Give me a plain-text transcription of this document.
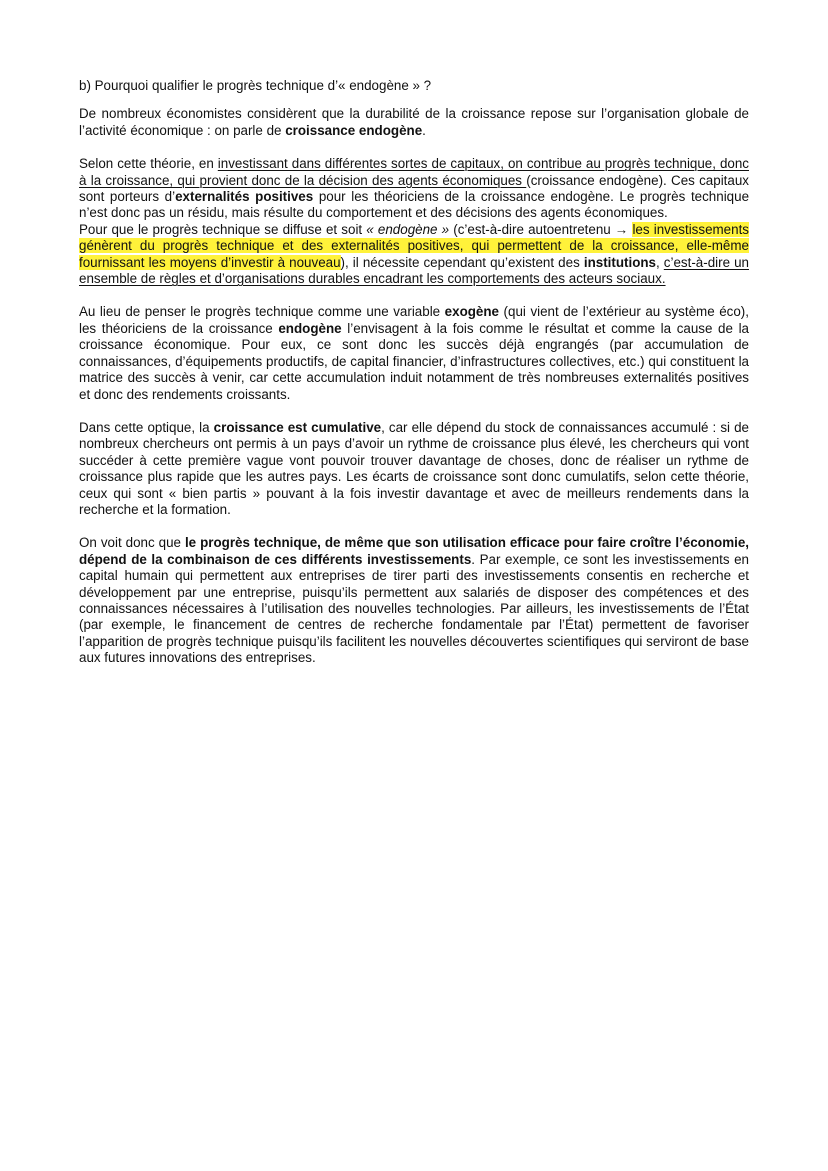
b) Pourquoi qualifier le progrès technique d’« endogène » ?

De nombreux économistes considèrent que la durabilité de la croissance repose sur l’organisation globale de l’activité économique : on parle de croissance endogène.

Selon cette théorie, en investissant dans différentes sortes de capitaux, on contribue au progrès technique, donc à la croissance, qui provient donc de la décision des agents économiques (croissance endogène). Ces capitaux sont porteurs d’externalités positives pour les théoriciens de la croissance endogène. Le progrès technique n’est donc pas un résidu, mais résulte du comportement et des décisions des agents économiques.

Pour que le progrès technique se diffuse et soit « endogène » (c’est-à-dire autoentretenu → les investissements génèrent du progrès technique et des externalités positives, qui permettent de la croissance, elle-même fournissant les moyens d’investir à nouveau), il nécessite cependant qu’existent des institutions, c’est-à-dire un ensemble de règles et d’organisations durables encadrant les comportements des acteurs sociaux.

Au lieu de penser le progrès technique comme une variable exogène (qui vient de l’extérieur au système éco), les théoriciens de la croissance endogène l’envisagent à la fois comme le résultat et comme la cause de la croissance économique. Pour eux, ce sont donc les succès déjà engrangés (par accumulation de connaissances, d’équipements productifs, de capital financier, d’infrastructures collectives, etc.) qui constituent la matrice des succès à venir, car cette accumulation induit notamment de très nombreuses externalités positives et donc des rendements croissants.

Dans cette optique, la croissance est cumulative, car elle dépend du stock de connaissances accumulé : si de nombreux chercheurs ont permis à un pays d’avoir un rythme de croissance plus élevé, les chercheurs qui vont succéder à cette première vague vont pouvoir trouver davantage de choses, donc de réaliser un rythme de croissance plus rapide que les autres pays. Les écarts de croissance sont donc cumulatifs, selon cette théorie, ceux qui sont « bien partis » pouvant à la fois investir davantage et avec de meilleurs rendements dans la recherche et la formation.

On voit donc que le progrès technique, de même que son utilisation efficace pour faire croître l’économie, dépend de la combinaison de ces différents investissements. Par exemple, ce sont les investissements en capital humain qui permettent aux entreprises de tirer parti des investissements consentis en recherche et développement par une entreprise, puisqu’ils permettent aux salariés de disposer des compétences et des connaissances nécessaires à l’utilisation des nouvelles technologies. Par ailleurs, les investissements de l’État (par exemple, le financement de centres de recherche fondamentale par l’État) permettent de favoriser l’apparition de progrès technique puisqu’ils facilitent les nouvelles découvertes scientifiques qui serviront de base aux futures innovations des entreprises.
